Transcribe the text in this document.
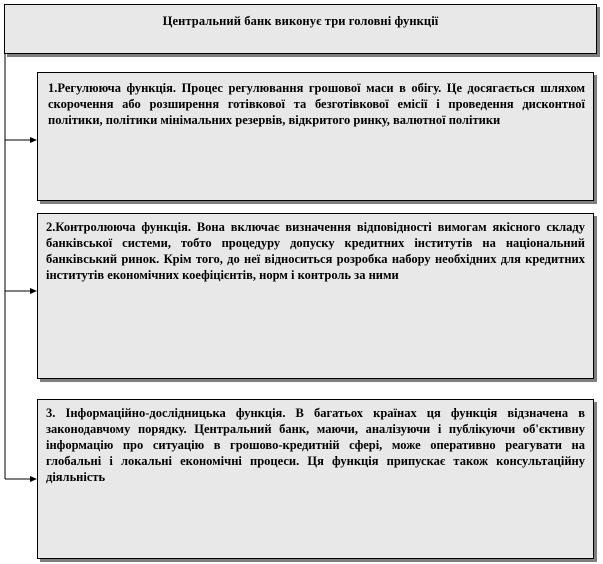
Центральний банк виконує три головні функції
1.Регулююча функція. Процес регулювання грошової маси в обігу. Це досягається шляхом скорочення або розширення готівкової та безготівкової емісії і проведення дисконтної політики, політики мінімальних резервів, відкритого ринку, валютної політики
2.Контролююча функція. Вона включає визначення відповідності вимогам якісного складу банківської системи, тобто процедуру допуску кредитних інститутів на національний банківський ринок. Крім того, до неї відноситься розробка набору необхідних для кредитних інститутів економічних коефіцієнтів, норм і контроль за ними
3. Інформаційно-дослідницька функція. В багатьох країнах ця функція відзначена в законодавчому порядку. Центральний банк, маючи, аналізуючи і публікуючи об'єктивну інформацію про ситуацію в грошово-кредитній сфері, може оперативно реагувати на глобальні і локальні економічні процеси. Ця функція припускає також консультаційну діяльність
